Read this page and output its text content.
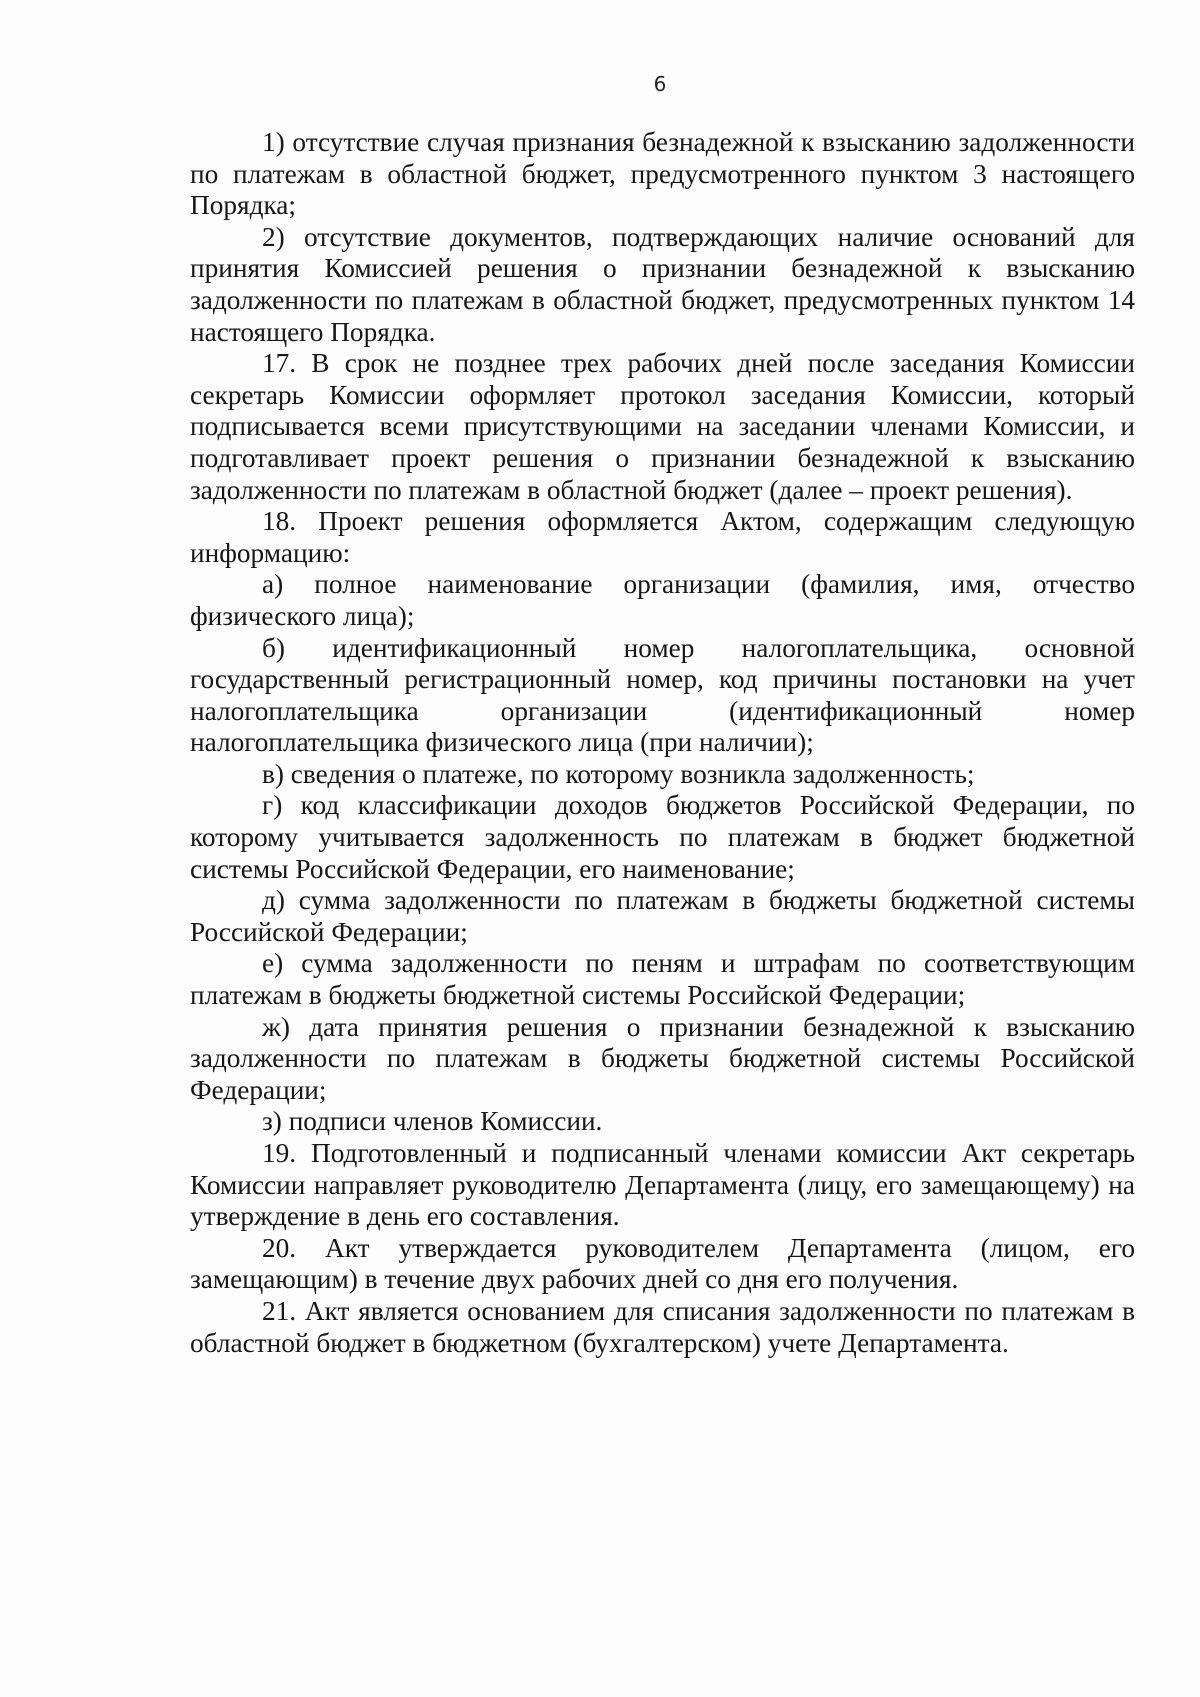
6

1) отсутствие случая признания безнадежной к взысканию задолженности по платежам в областной бюджет, предусмотренного пунктом 3 настоящего Порядка;

2) отсутствие документов, подтверждающих наличие оснований для принятия Комиссией решения о признании безнадежной к взысканию задолженности по платежам в областной бюджет, предусмотренных пунктом 14 настоящего Порядка.

17. В срок не позднее трех рабочих дней после заседания Комиссии секретарь Комиссии оформляет протокол заседания Комиссии, который подписывается всеми присутствующими на заседании членами Комиссии, и подготавливает проект решения о признании безнадежной к взысканию задолженности по платежам в областной бюджет (далее – проект решения).

18. Проект решения оформляется Актом, содержащим следующую информацию:

а) полное наименование организации (фамилия, имя, отчество физического лица);

б) идентификационный номер налогоплательщика, основной государственный регистрационный номер, код причины постановки на учет налогоплательщика организации (идентификационный номер налогоплательщика физического лица (при наличии);

в) сведения о платеже, по которому возникла задолженность;

г) код классификации доходов бюджетов Российской Федерации, по которому учитывается задолженность по платежам в бюджет бюджетной системы Российской Федерации, его наименование;

д) сумма задолженности по платежам в бюджеты бюджетной системы Российской Федерации;

е) сумма задолженности по пеням и штрафам по соответствующим платежам в бюджеты бюджетной системы Российской Федерации;

ж) дата принятия решения о признании безнадежной к взысканию задолженности по платежам в бюджеты бюджетной системы Российской Федерации;

з) подписи членов Комиссии.

19. Подготовленный и подписанный членами комиссии Акт секретарь Комиссии направляет руководителю Департамента (лицу, его замещающему) на утверждение в день его составления.

20. Акт утверждается руководителем Департамента (лицом, его замещающим) в течение двух рабочих дней со дня его получения.

21. Акт является основанием для списания задолженности по платежам в областной бюджет в бюджетном (бухгалтерском) учете Департамента.
